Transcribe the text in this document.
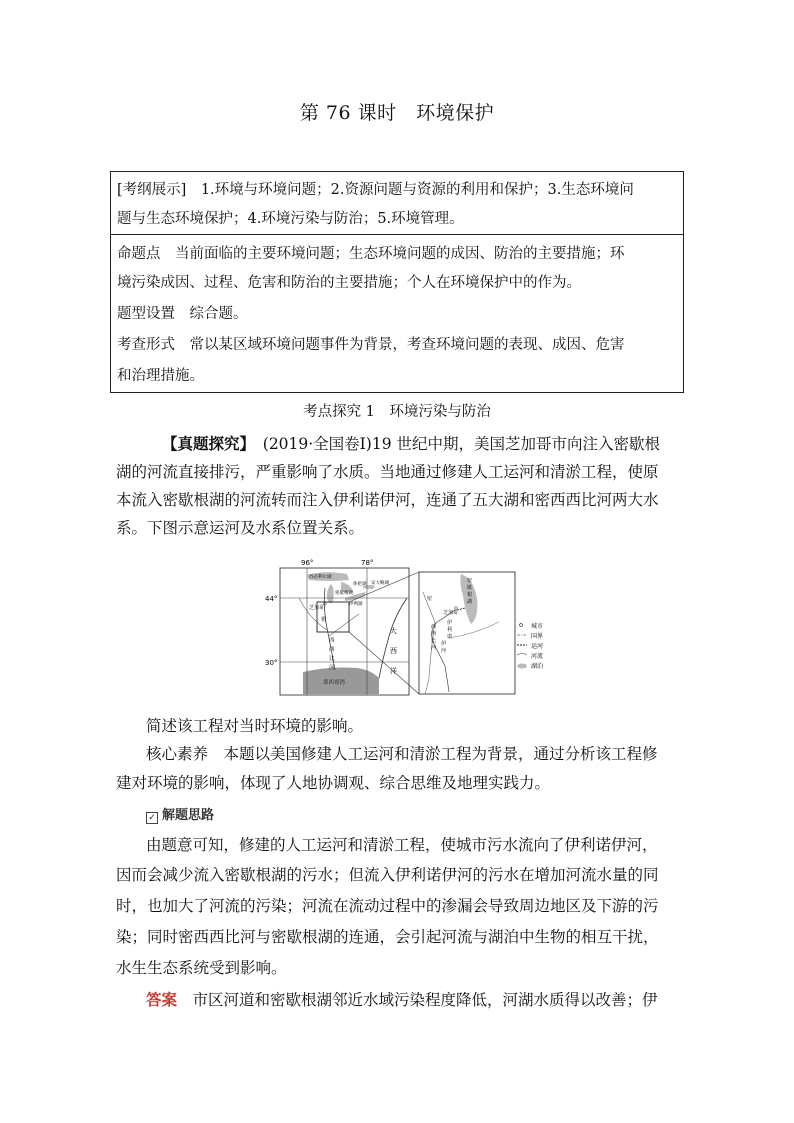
第 76 课时　环境保护
[考纲展示]　1.环境与环境问题；2.资源问题与资源的利用和保护；3.生态环境问
题与生态环境保护；4.环境污染与防治；5.环境管理。
命题点　当前面临的主要环境问题；生态环境问题的成因、防治的主要措施；环
境污染成因、过程、危害和防治的主要措施；个人在环境保护中的作为。
题型设置　综合题。
考查形式　常以某区域环境问题事件为背景，考查环境问题的表现、成因、危害
和治理措施。
考点探究 1　环境污染与防治
【真题探究】　(2019·全国卷Ⅰ)19 世纪中期，美国芝加哥市向注入密歇根
湖的河流直接排污，严重影响了水质。当地通过修建人工运河和清淤工程，使原
本流入密歇根湖的河流转而注入伊利诺伊河，连通了五大湖和密西西比河两大水
系。下图示意运河及水系位置关系。
96°	78°
44°
30°
苏必利尔湖
休伦湖
密歇根湖
安大略湖
伊利湖
芝加哥
密
西
西
比
河
大
西
洋
墨西哥湾
芝加哥
密
歇
根
湖
伊
利
诺
伊
河
密
西
西
比
河
城市
国界
运河
河流
湖泊
简述该工程对当时环境的影响。
核心素养　本题以美国修建人工运河和清淤工程为背景，通过分析该工程修
建对环境的影响，体现了人地协调观、综合思维及地理实践力。
✓ 解题思路
由题意可知，修建的人工运河和清淤工程，使城市污水流向了伊利诺伊河，
因而会减少流入密歇根湖的污水；但流入伊利诺伊河的污水在增加河流水量的同
时，也加大了河流的污染；河流在流动过程中的渗漏会导致周边地区及下游的污
染；同时密西西比河与密歇根湖的连通，会引起河流与湖泊中生物的相互干扰，
水生生态系统受到影响。
答案　市区河道和密歇根湖邻近水域污染程度降低，河湖水质得以改善；伊
